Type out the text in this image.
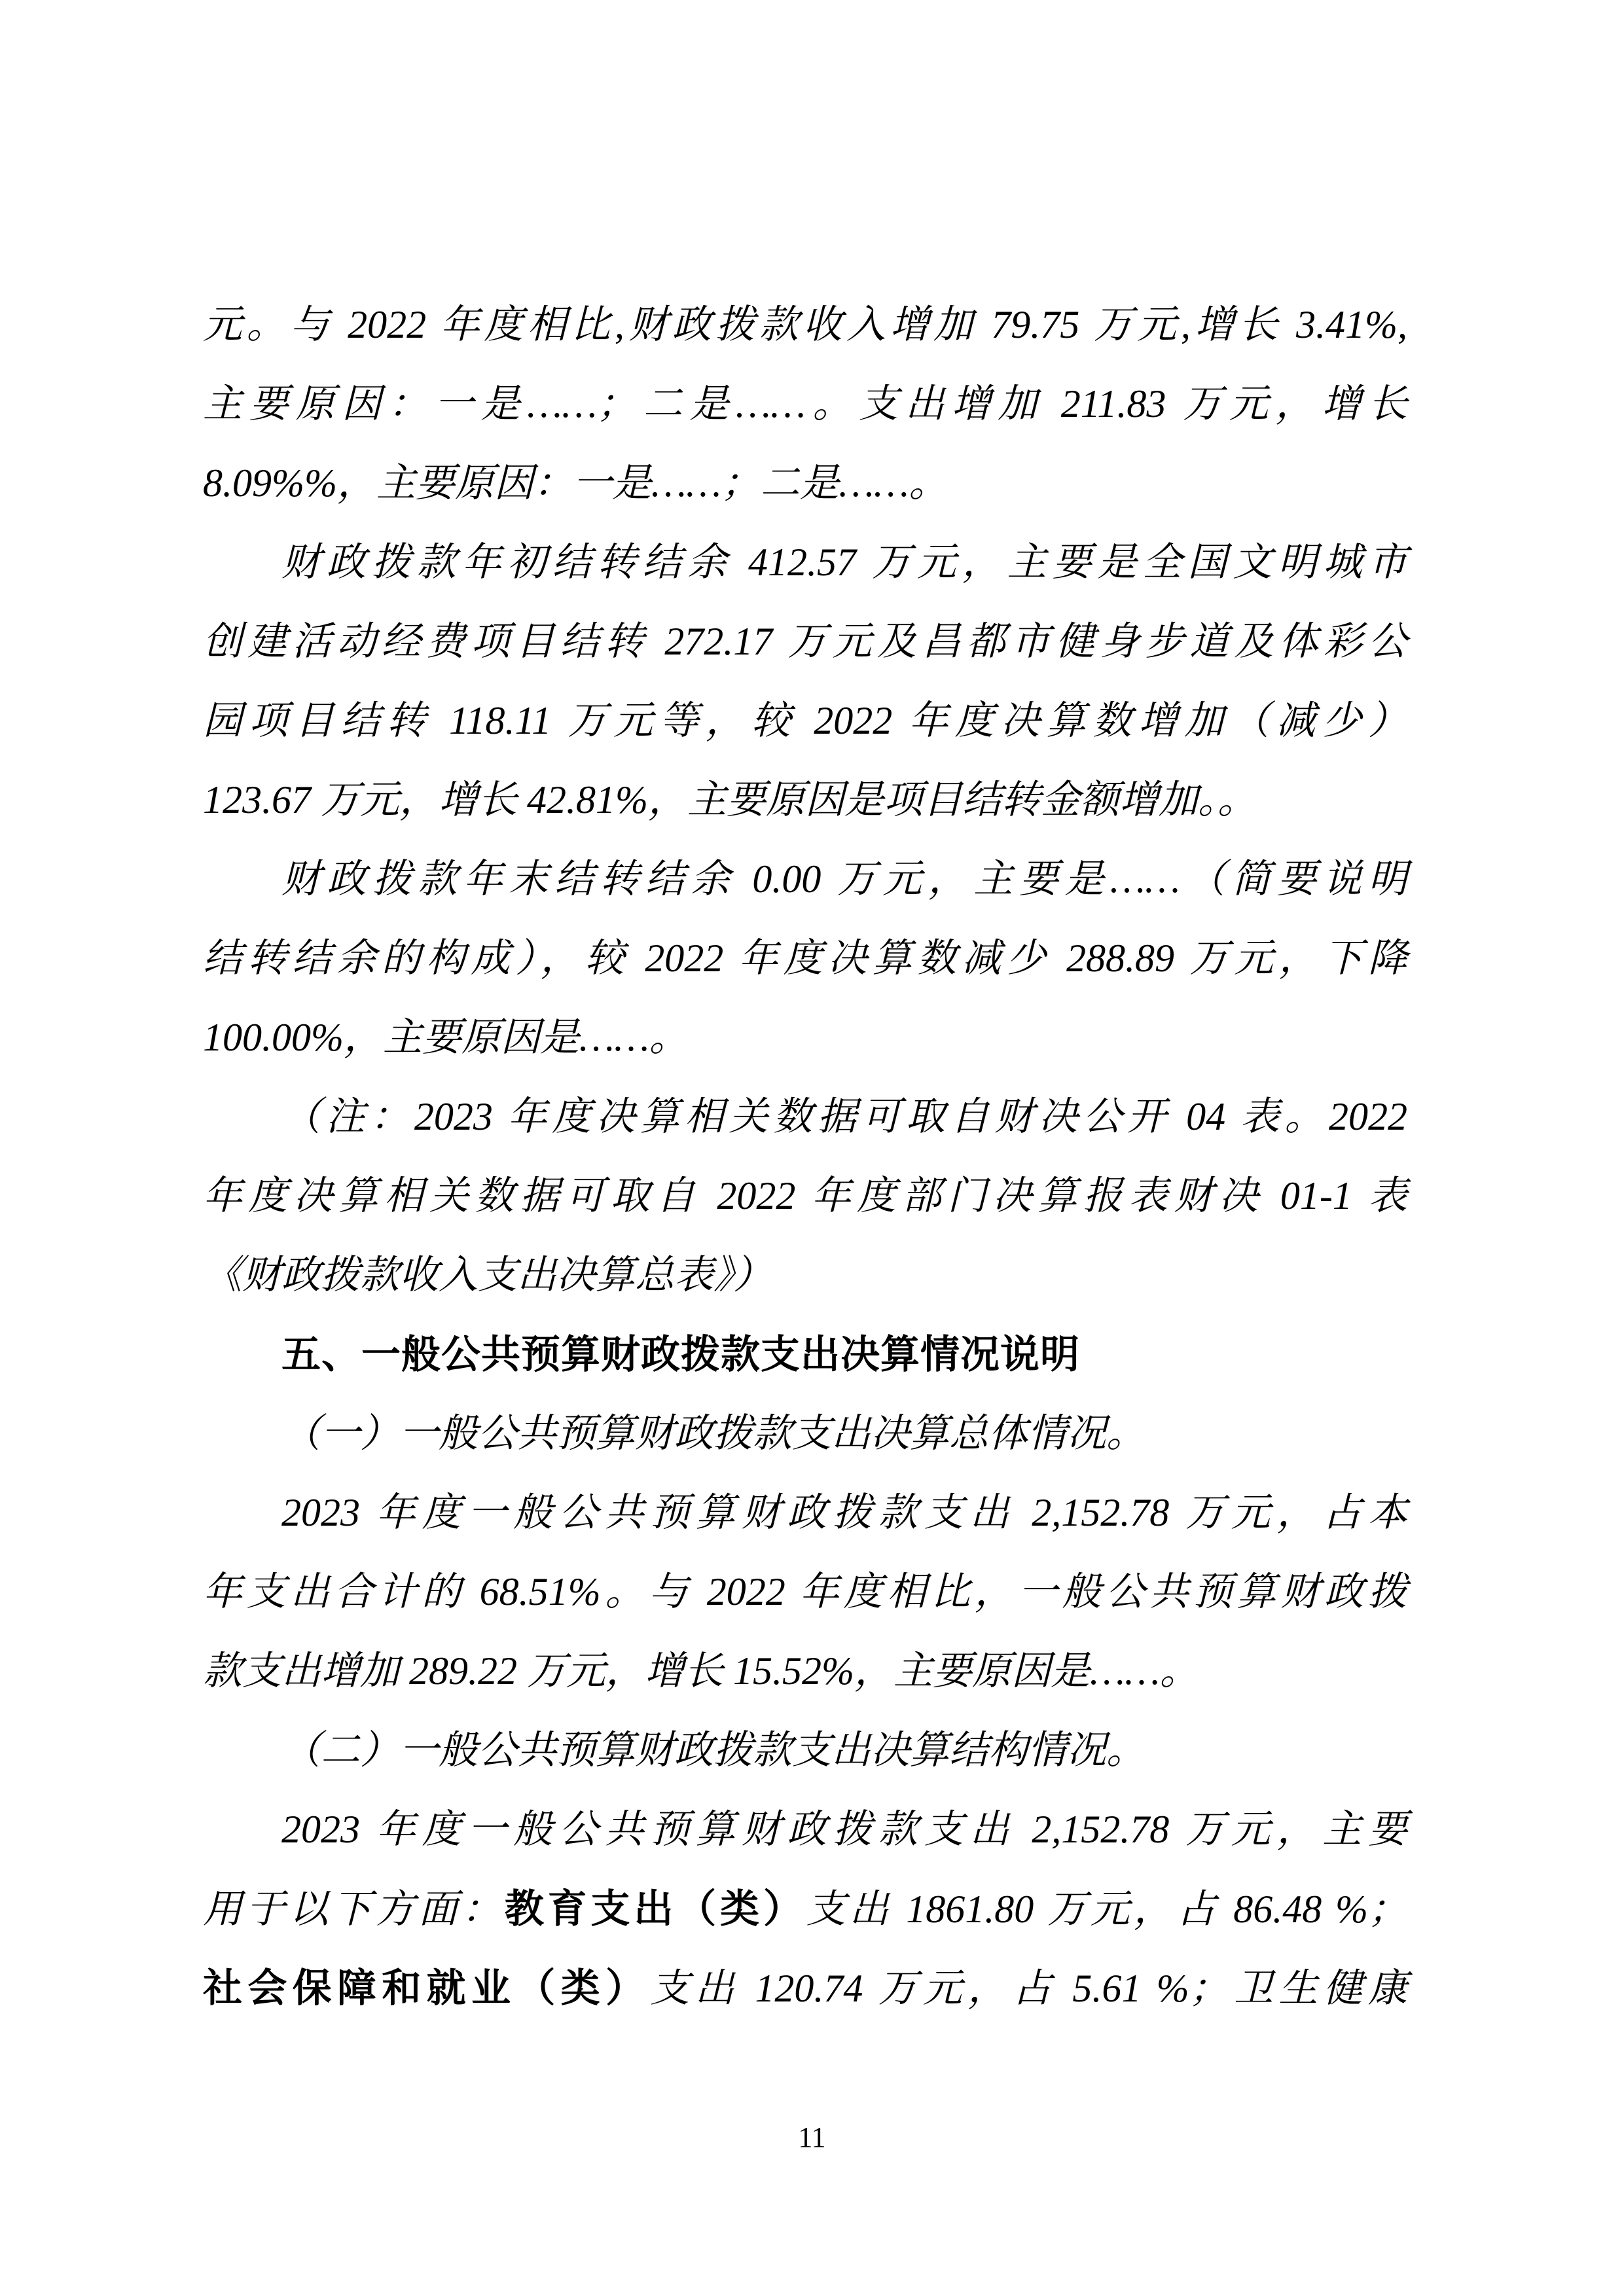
元。与 2022 年度相比,财政拨款收入增加 79.75 万元,增长 3.41%,
主要原因：一是……；二是……。支出增加 211.83 万元，增长
8.09%%，主要原因：一是……；二是……。
财政拨款年初结转结余 412.57 万元，主要是全国文明城市
创建活动经费项目结转 272.17 万元及昌都市健身步道及体彩公
园项目结转 118.11 万元等，较 2022 年度决算数增加（减少）
123.67 万元，增长 42.81%，主要原因是项目结转金额增加。。
财政拨款年末结转结余 0.00 万元，主要是……（简要说明
结转结余的构成），较 2022 年度决算数减少 288.89 万元，下降
100.00%，主要原因是……。
（注：2023 年度决算相关数据可取自财决公开 04 表。2022
年度决算相关数据可取自 2022 年度部门决算报表财决 01-1 表
《财政拨款收入支出决算总表》）
五、一般公共预算财政拨款支出决算情况说明
（一）一般公共预算财政拨款支出决算总体情况。
2023 年度一般公共预算财政拨款支出 2,152.78 万元，占本
年支出合计的 68.51%。与 2022 年度相比，一般公共预算财政拨
款支出增加 289.22 万元，增长 15.52%，主要原因是……。
（二）一般公共预算财政拨款支出决算结构情况。
2023 年度一般公共预算财政拨款支出 2,152.78 万元，主要
用于以下方面：教育支出（类）支出 1861.80 万元，占 86.48 %；
社会保障和就业（类）支出 120.74 万元，占 5.61 %；卫生健康
11
